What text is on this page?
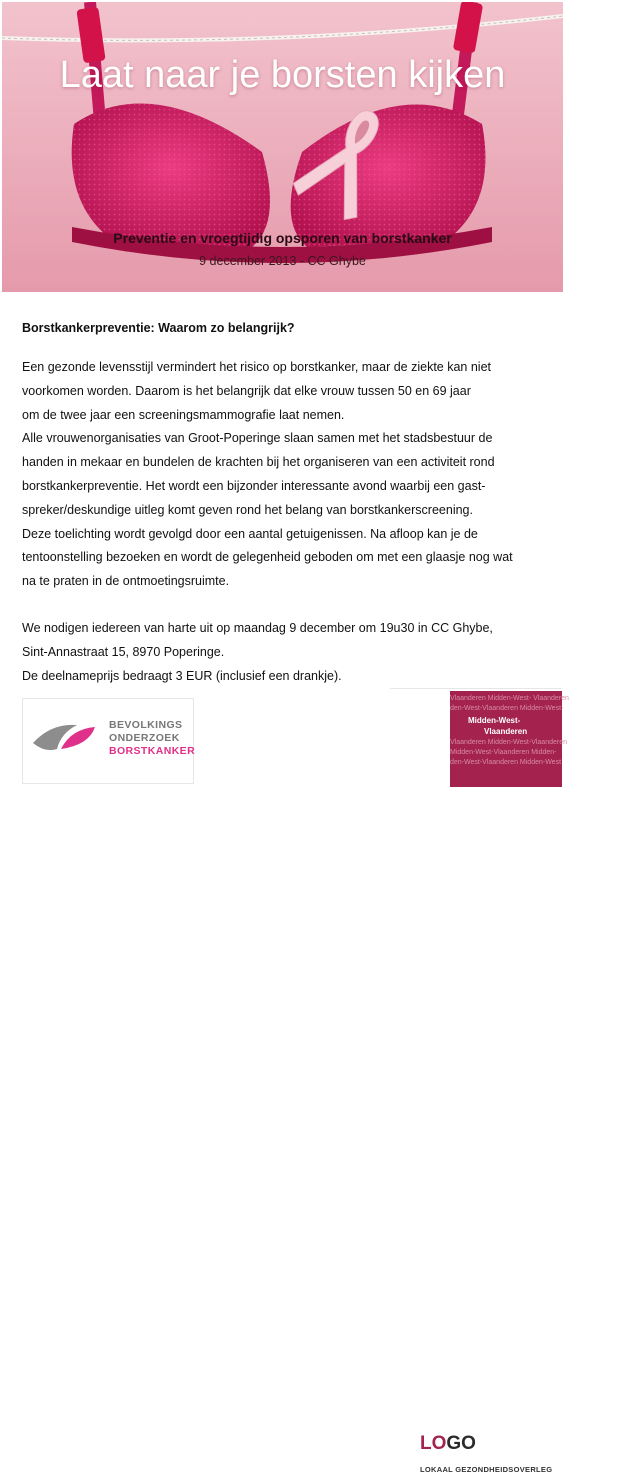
Laat naar je borsten kijken
Preventie en vroegtijdig opsporen van borstkanker
9 december 2013 - CC Ghybe
Borstkankerpreventie: Waarom zo belangrijk?

Een gezonde levensstijl vermindert het risico op borstkanker, maar de ziekte kan niet

voorkomen worden. Daarom is het belangrijk dat elke vrouw tussen 50 en 69 jaar

om de twee jaar een screeningsmammografie laat nemen.

Alle vrouwenorganisaties van Groot-Poperinge slaan samen met het stadsbestuur de

handen in mekaar en bundelen de krachten bij het organiseren van een activiteit rond

borstkankerpreventie. Het wordt een bijzonder interessante avond waarbij een gast-

spreker/deskundige uitleg komt geven rond het belang van borstkankerscreening.

Deze toelichting wordt gevolgd door een aantal getuigenissen. Na afloop kan je de

tentoonstelling bezoeken en wordt de gelegenheid geboden om met een glaasje nog wat

na te praten in de ontmoetingsruimte.

We nodigen iedereen van harte uit op maandag 9 december om 19u30 in CC Ghybe,

Sint-Annastraat 15, 8970 Poperinge.

De deelnameprijs bedraagt 3 EUR (inclusief een drankje).

BEVOLKINGS
ONDERZOEK
BORSTKANKER
Vlaanderen Midden-West- Vlaanderen
den-West-Vlaanderen Midden-West-
Vlaanderen Midden-West-Vlaanderen
Midden-West-Vlaanderen Midden-
den-West-Vlaanderen Midden-West
Midden-West-
Vlaanderen
LOGO
LOKAAL GEZONDHEIDSOVERLEG
